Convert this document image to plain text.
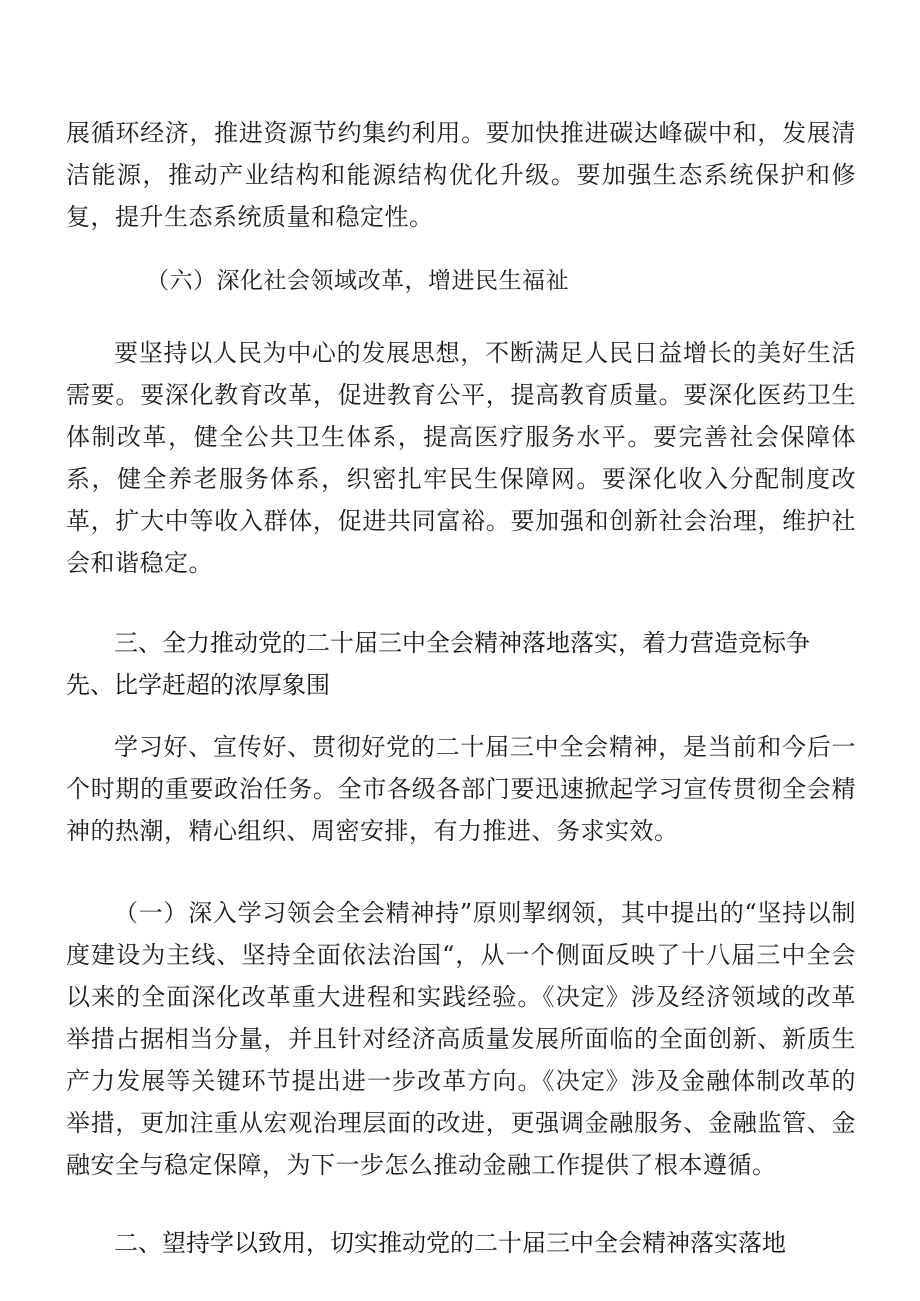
展循环经济，推进资源节约集约利用。要加快推进碳达峰碳中和，发展清洁能源，推动产业结构和能源结构优化升级。要加强生态系统保护和修复，提升生态系统质量和稳定性。

（六）深化社会领域改革，增进民生福祉

要坚持以人民为中心的发展思想，不断满足人民日益增长的美好生活需要。要深化教育改革，促进教育公平，提高教育质量。要深化医药卫生体制改革，健全公共卫生体系，提高医疗服务水平。要完善社会保障体系，健全养老服务体系，织密扎牢民生保障网。要深化收入分配制度改革，扩大中等收入群体，促进共同富裕。要加强和创新社会治理，维护社会和谐稳定。

三、全力推动党的二十届三中全会精神落地落实，着力营造竞标争先、比学赶超的浓厚象围

学习好、宣传好、贯彻好党的二十届三中全会精神，是当前和今后一个时期的重要政治任务。全市各级各部门要迅速掀起学习宣传贯彻全会精神的热潮，精心组织、周密安排，有力推进、务求实效。

（一）深入学习领会全会精神持”原则挈纲领，其中提出的“坚持以制度建设为主线、坚持全面依法治国“，从一个侧面反映了十八届三中全会以来的全面深化改革重大进程和实践经验。《决定》涉及经济领域的改革举措占据相当分量，并且针对经济高质量发展所面临的全面创新、新质生产力发展等关键环节提出进一步改革方向。《决定》涉及金融体制改革的举措，更加注重从宏观治理层面的改进，更强调金融服务、金融监管、金融安全与稳定保障，为下一步怎么推动金融工作提供了根本遵循。

二、望持学以致用，切实推动党的二十届三中全会精神落实落地
